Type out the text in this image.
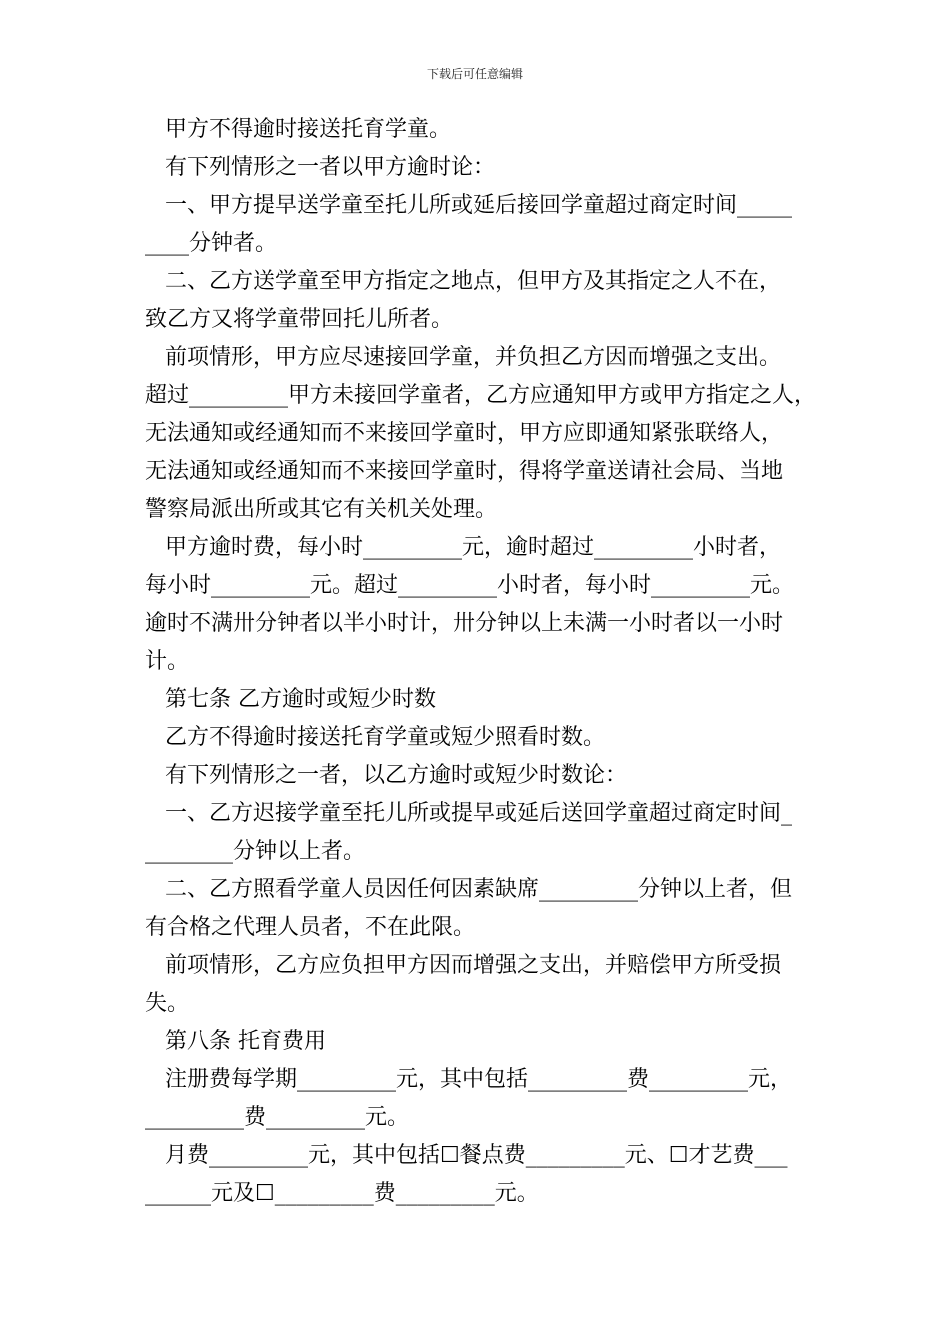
下载后可任意编辑
甲方不得逾时接送托育学童。
有下列情形之一者以甲方逾时论：
一、甲方提早送学童至托儿所或延后接回学童超过商定时间_____
____分钟者。
二、乙方送学童至甲方指定之地点，但甲方及其指定之人不在，
致乙方又将学童带回托儿所者。
前项情形，甲方应尽速接回学童，并负担乙方因而增强之支出。
超过_________甲方未接回学童者，乙方应通知甲方或甲方指定之人，
无法通知或经通知而不来接回学童时，甲方应即通知紧张联络人，
无法通知或经通知而不来接回学童时，得将学童送请社会局、当地
警察局派出所或其它有关机关处理。
甲方逾时费，每小时_________元，逾时超过_________小时者，
每小时_________元。超过_________小时者，每小时_________元。
逾时不满卅分钟者以半小时计，卅分钟以上未满一小时者以一小时
计。
第七条 乙方逾时或短少时数
乙方不得逾时接送托育学童或短少照看时数。
有下列情形之一者，以乙方逾时或短少时数论：
一、乙方迟接学童至托儿所或提早或延后送回学童超过商定时间_
________分钟以上者。
二、乙方照看学童人员因任何因素缺席_________分钟以上者，但
有合格之代理人员者，不在此限。
前项情形，乙方应负担甲方因而增强之支出，并赔偿甲方所受损
失。
第八条 托育费用
注册费每学期_________元，其中包括_________费_________元，
_________费_________元。
月费_________元，其中包括☐餐点费_________元、☐才艺费___
______元及☐_________费_________元。
